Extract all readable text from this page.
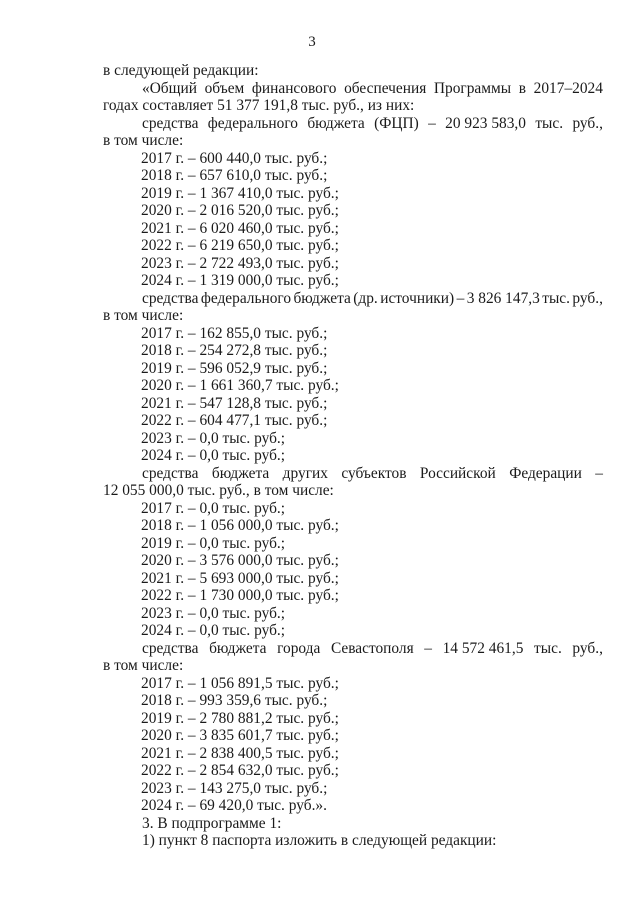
3
в следующей редакции:
«Общий объем финансового обеспечения Программы в 2017–2024
годах составляет 51 377 191,8 тыс. руб., из них:
средства федерального бюджета (ФЦП) – 20 923 583,0 тыс. руб.,
в том числе:
2017 г. – 600 440,0 тыс. руб.;
2018 г. – 657 610,0 тыс. руб.;
2019 г. – 1 367 410,0 тыс. руб.;
2020 г. – 2 016 520,0 тыс. руб.;
2021 г. – 6 020 460,0 тыс. руб.;
2022 г. – 6 219 650,0 тыс. руб.;
2023 г. – 2 722 493,0 тыс. руб.;
2024 г. – 1 319 000,0 тыс. руб.;
средства федерального бюджета (др. источники) – 3 826 147,3 тыс. руб.,
в том числе:
2017 г. – 162 855,0 тыс. руб.;
2018 г. – 254 272,8 тыс. руб.;
2019 г. – 596 052,9 тыс. руб.;
2020 г. – 1 661 360,7 тыс. руб.;
2021 г. – 547 128,8 тыс. руб.;
2022 г. – 604 477,1 тыс. руб.;
2023 г. – 0,0 тыс. руб.;
2024 г. – 0,0 тыс. руб.;
средства бюджета других субъектов Российской Федерации –
12 055 000,0 тыс. руб., в том числе:
2017 г. – 0,0 тыс. руб.;
2018 г. – 1 056 000,0 тыс. руб.;
2019 г. – 0,0 тыс. руб.;
2020 г. – 3 576 000,0 тыс. руб.;
2021 г. – 5 693 000,0 тыс. руб.;
2022 г. – 1 730 000,0 тыс. руб.;
2023 г. – 0,0 тыс. руб.;
2024 г. – 0,0 тыс. руб.;
средства бюджета города Севастополя – 14 572 461,5 тыс. руб.,
в том числе:
2017 г. – 1 056 891,5 тыс. руб.;
2018 г. – 993 359,6 тыс. руб.;
2019 г. – 2 780 881,2 тыс. руб.;
2020 г. – 3 835 601,7 тыс. руб.;
2021 г. – 2 838 400,5 тыс. руб.;
2022 г. – 2 854 632,0 тыс. руб.;
2023 г. – 143 275,0 тыс. руб.;
2024 г. – 69 420,0 тыс. руб.».
3. В подпрограмме 1:
1) пункт 8 паспорта изложить в следующей редакции:
